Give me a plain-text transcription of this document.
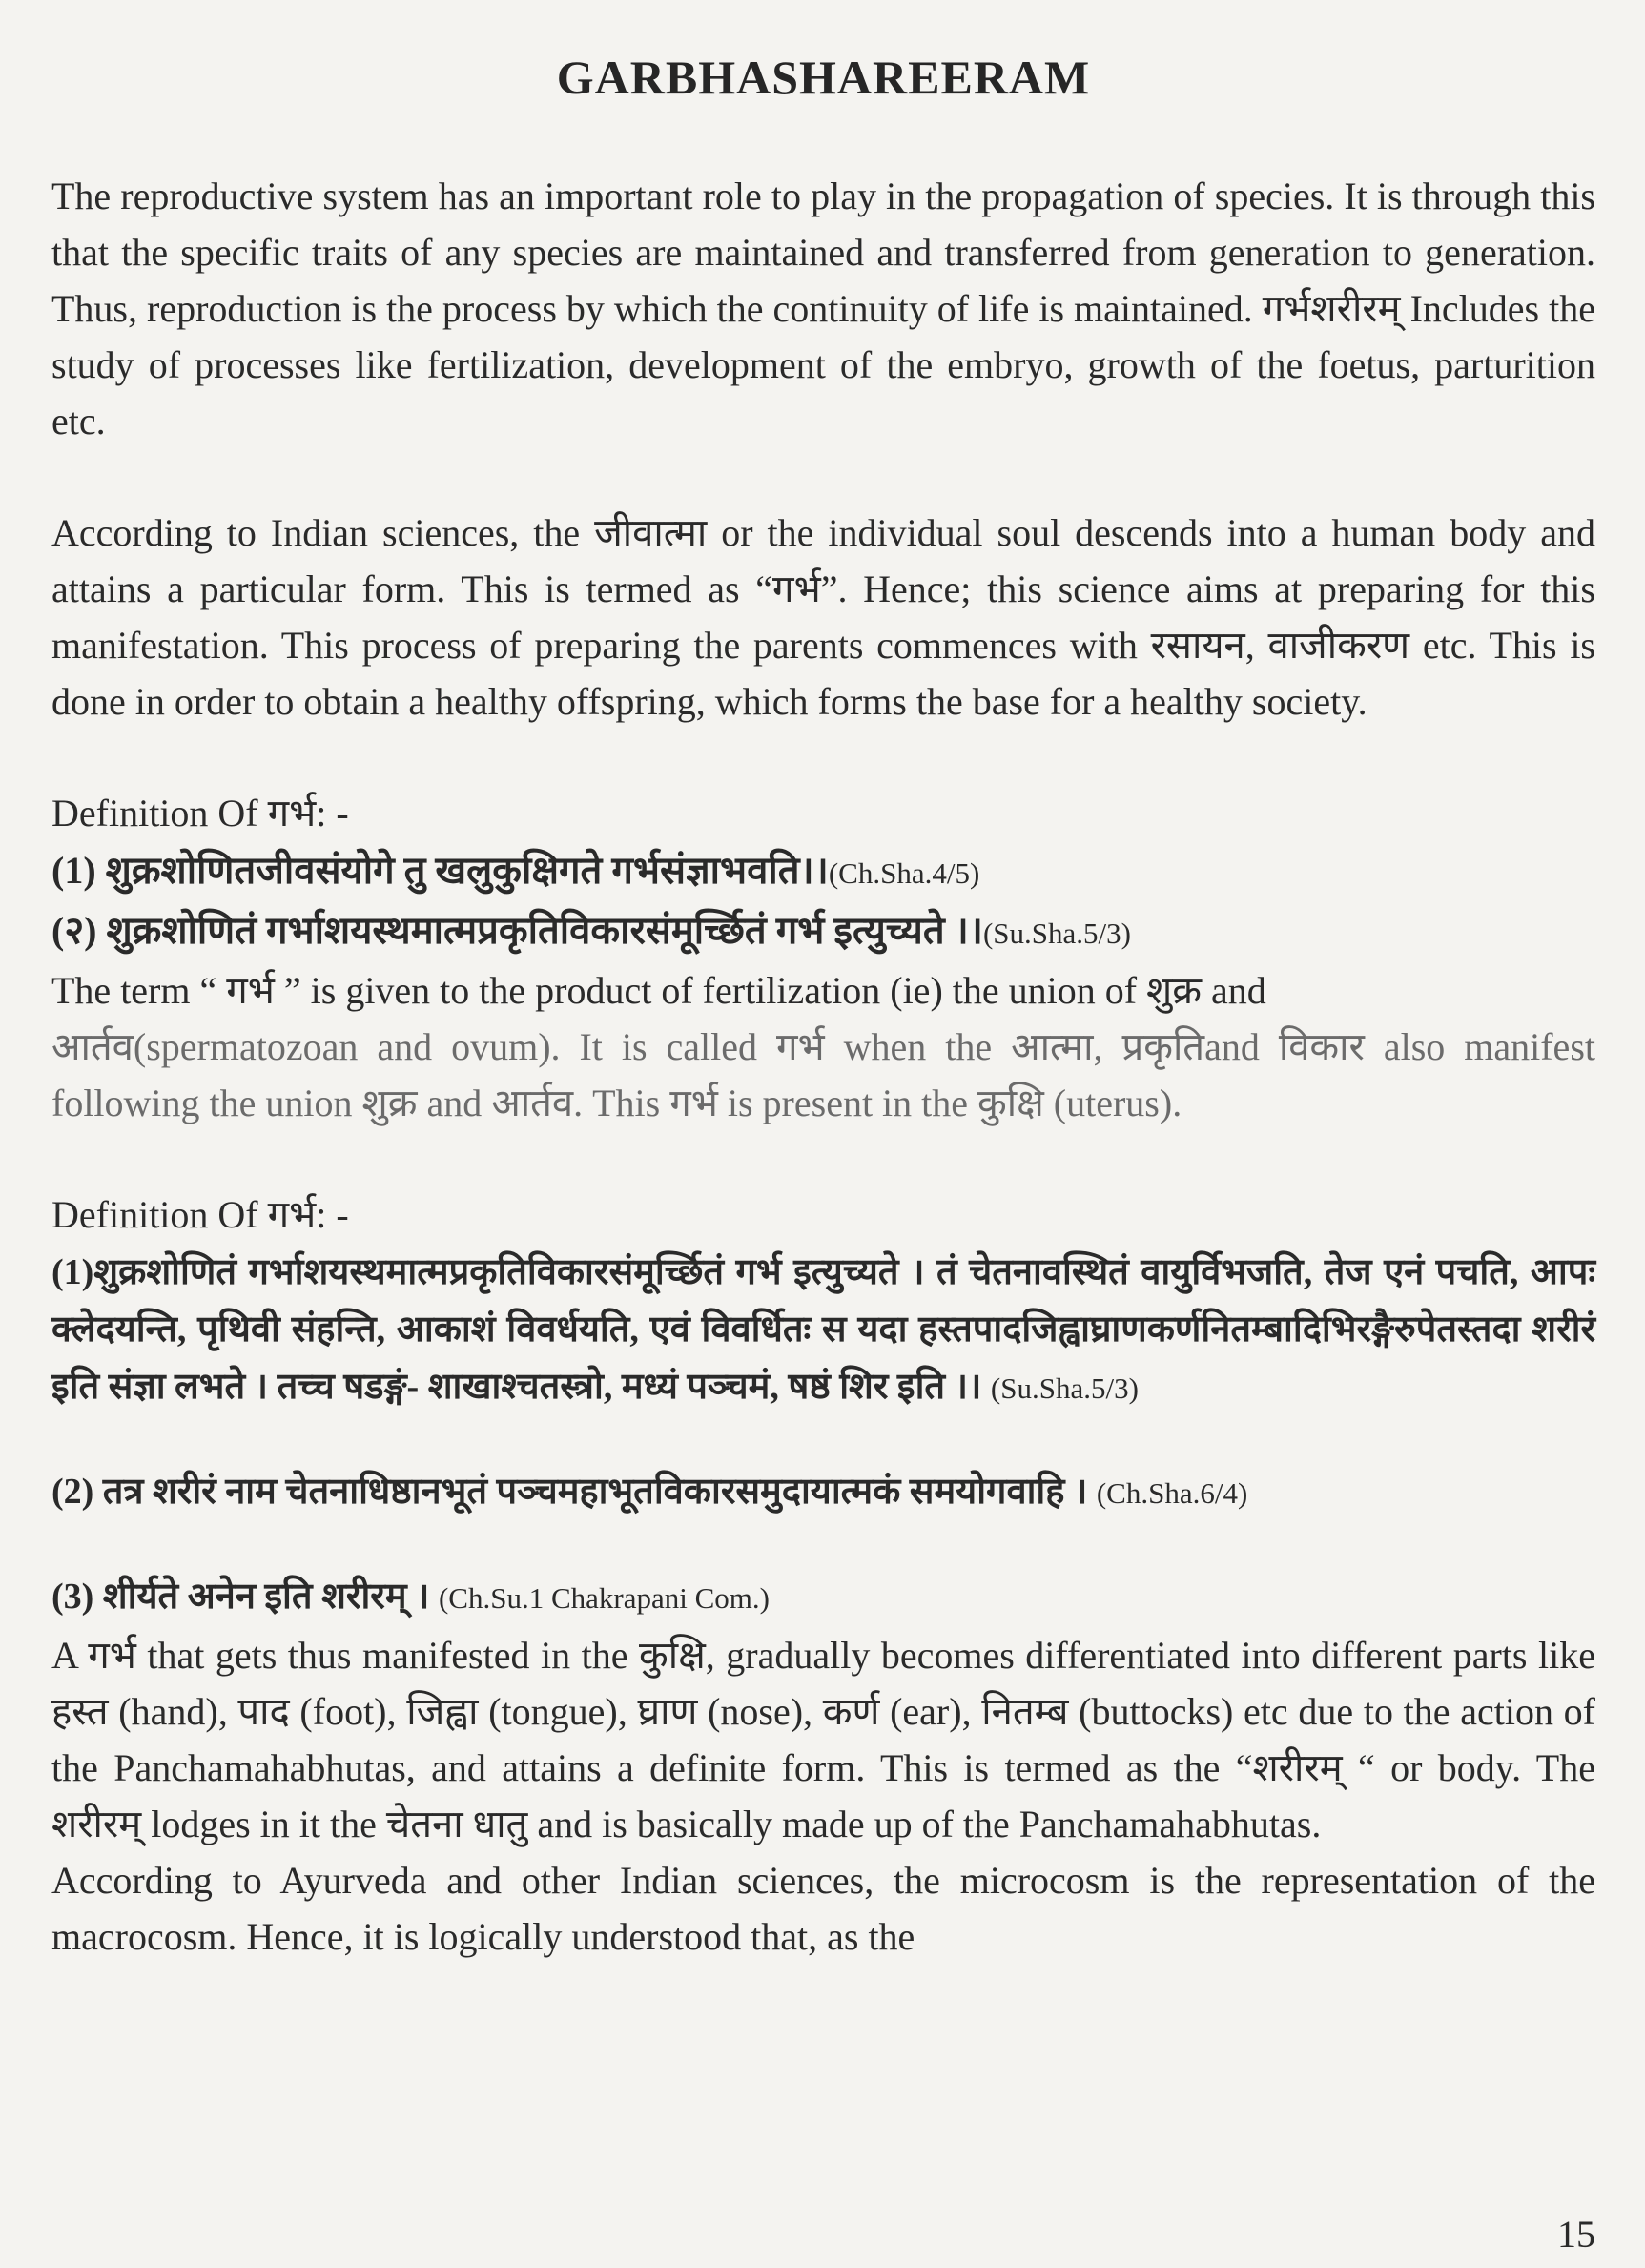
GARBHASHAREERAM

The reproductive system has an important role to play in the propagation of species. It is through this that the specific traits of any species are maintained and transferred from generation to generation. Thus, reproduction is the process by which the continuity of life is maintained. गर्भशरीरम् Includes the study of processes like fertilization, development of the embryo, growth of the foetus, parturition etc.

According to Indian sciences, the जीवात्मा or the individual soul descends into a human body and attains a particular form. This is termed as “गर्भ”. Hence; this science aims at preparing for this manifestation. This process of preparing the parents commences with रसायन, वाजीकरण etc. This is done in order to obtain a healthy offspring, which forms the base for a healthy society.

Definition Of गर्भ: -

(1) शुक्रशोणितजीवसंयोगे तु खलुकुक्षिगते गर्भसंज्ञाभवति।।(Ch.Sha.4/5)

(२) शुक्रशोणितं गर्भाशयस्थमात्मप्रकृतिविकारसंमूर्च्छितं गर्भ इत्युच्यते ।।(Su.Sha.5/3)

The term “ गर्भ ” is given to the product of fertilization (ie) the union of शुक्र and

आर्तव(spermatozoan and ovum). It is called गर्भ when the आत्मा, प्रकृतिand विकार also manifest following the union शुक्र and आर्तव. This गर्भ is present in the कुक्षि (uterus).

Definition Of गर्भ: -

(1)शुक्रशोणितं गर्भाशयस्थमात्मप्रकृतिविकारसंमूर्च्छितं गर्भ इत्युच्यते । तं चेतनावस्थितं वायुर्विभजति, तेज एनं पचति, आपः क्लेदयन्ति, पृथिवी संहन्ति, आकाशं विवर्धयति, एवं विवर्धितः स यदा हस्तपादजिह्वाघ्राणकर्णनितम्बादिभिरङ्गैरुपेतस्तदा शरीरं इति संज्ञा लभते । तच्च षडङ्गं- शाखाश्चतस्त्रो, मध्यं पञ्चमं, षष्ठं शिर इति ।। (Su.Sha.5/3)

(2) तत्र शरीरं नाम चेतनाधिष्ठानभूतं पञ्चमहाभूतविकारसमुदायात्मकं समयोगवाहि । (Ch.Sha.6/4)

(3) शीर्यते अनेन इति शरीरम् । (Ch.Su.1 Chakrapani Com.)

A गर्भ that gets thus manifested in the कुक्षि, gradually becomes differentiated into different parts like हस्त (hand), पाद (foot), जिह्वा (tongue), घ्राण (nose), कर्ण (ear), नितम्ब (buttocks) etc due to the action of the Panchamahabhutas, and attains a definite form. This is termed as the “शरीरम् “ or body. The शरीरम् lodges in it the चेतना धातु and is basically made up of the Panchamahabhutas.

According to Ayurveda and other Indian sciences, the microcosm is the representation of the macrocosm. Hence, it is logically understood that, as the

15
